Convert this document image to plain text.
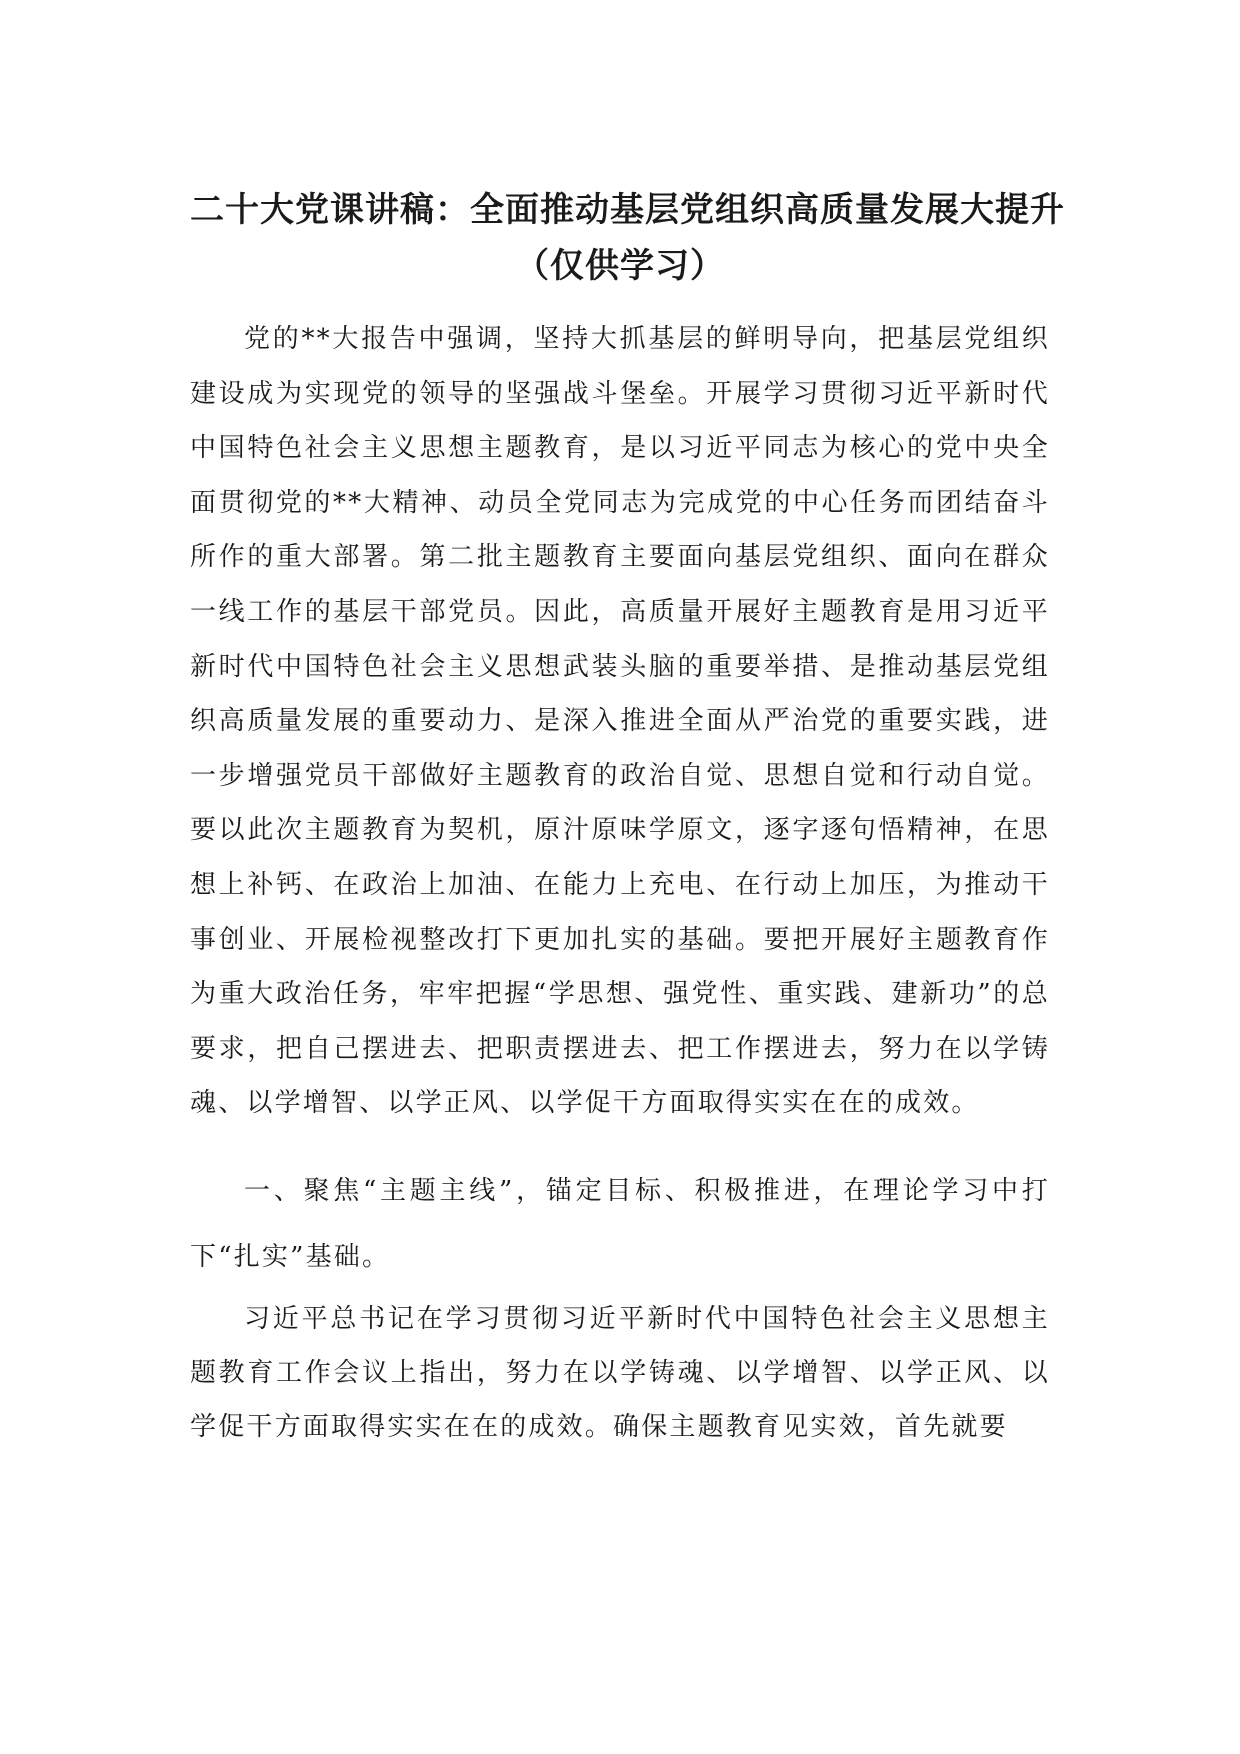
二十大党课讲稿：全面推动基层党组织高质量发展大提升
（仅供学习）

党的**大报告中强调，坚持大抓基层的鲜明导向，把基层党组织建设成为实现党的领导的坚强战斗堡垒。开展学习贯彻习近平新时代中国特色社会主义思想主题教育，是以习近平同志为核心的党中央全面贯彻党的**大精神、动员全党同志为完成党的中心任务而团结奋斗所作的重大部署。第二批主题教育主要面向基层党组织、面向在群众一线工作的基层干部党员。因此，高质量开展好主题教育是用习近平新时代中国特色社会主义思想武装头脑的重要举措、是推动基层党组织高质量发展的重要动力、是深入推进全面从严治党的重要实践，进一步增强党员干部做好主题教育的政治自觉、思想自觉和行动自觉。要以此次主题教育为契机，原汁原味学原文，逐字逐句悟精神，在思想上补钙、在政治上加油、在能力上充电、在行动上加压，为推动干事创业、开展检视整改打下更加扎实的基础。要把开展好主题教育作为重大政治任务，牢牢把握“学思想、强党性、重实践、建新功”的总要求，把自己摆进去、把职责摆进去、把工作摆进去，努力在以学铸魂、以学增智、以学正风、以学促干方面取得实实在在的成效。

一、聚焦“主题主线”，锚定目标、积极推进，在理论学习中打下“扎实”基础。

习近平总书记在学习贯彻习近平新时代中国特色社会主义思想主题教育工作会议上指出，努力在以学铸魂、以学增智、以学正风、以学促干方面取得实实在在的成效。确保主题教育见实效，首先就要
